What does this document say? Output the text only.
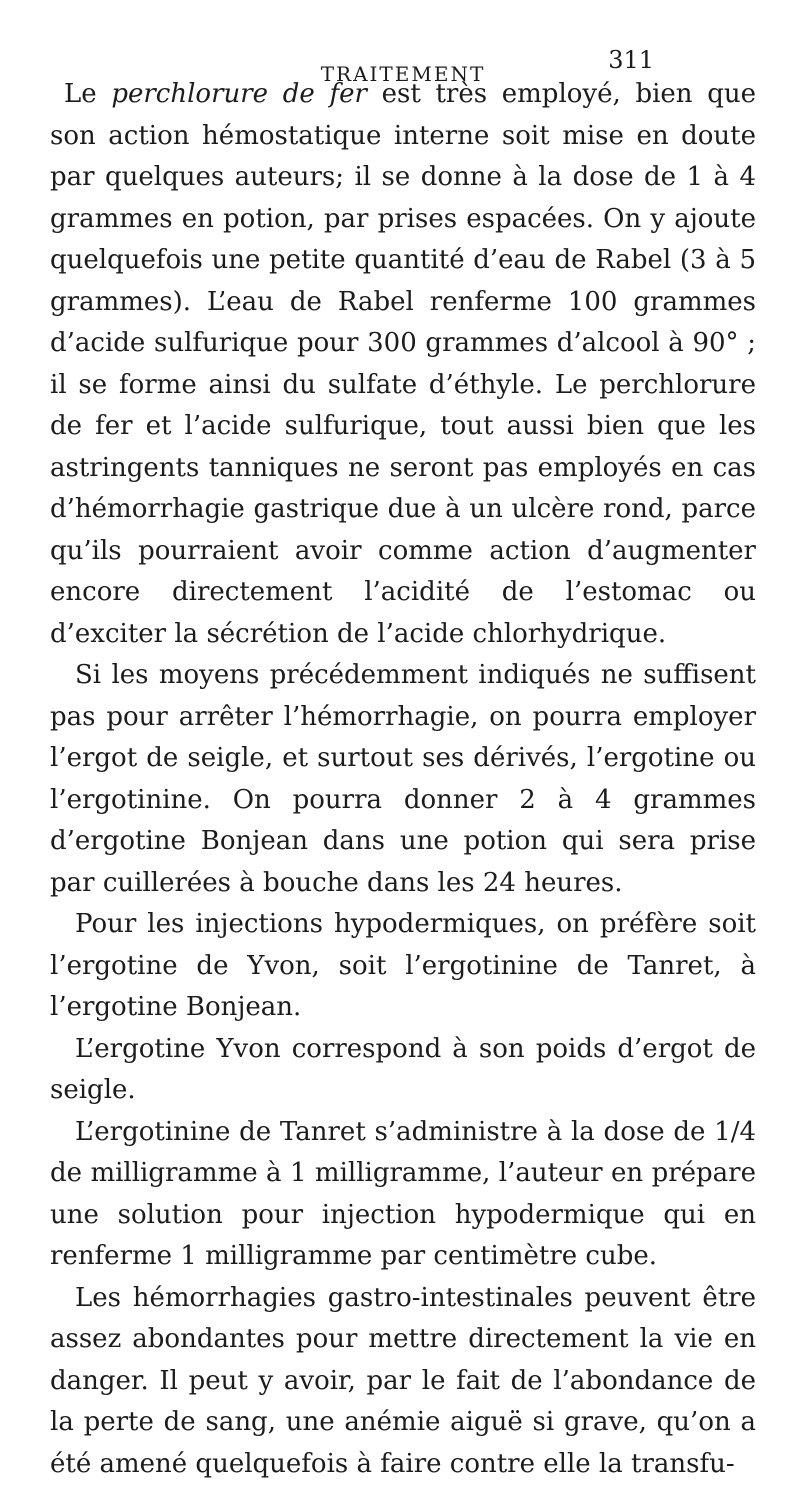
TRAITEMENT	311

Le perchlorure de fer est très employé, bien que son action hémostatique interne soit mise en doute par quelques auteurs; il se donne à la dose de 1 à 4 grammes en potion, par prises espacées. On y ajoute quelquefois une petite quantité d’eau de Rabel (3 à 5 grammes). L’eau de Rabel renferme 100 grammes d’acide sulfurique pour 300 grammes d’alcool à 90° ; il se forme ainsi du sulfate d’éthyle. Le perchlorure de fer et l’acide sulfurique, tout aussi bien que les astringents tanniques ne seront pas employés en cas d’hémorrhagie gastrique due à un ulcère rond, parce qu’ils pourraient avoir comme action d’augmenter encore directement l’acidité de l’estomac ou d’exciter la sécrétion de l’acide chlorhydrique.

Si les moyens précédemment indiqués ne suffisent pas pour arrêter l’hémorrhagie, on pourra employer l’ergot de seigle, et surtout ses dérivés, l’ergotine ou l’ergotinine. On pourra donner 2 à 4 grammes d’ergotine Bonjean dans une potion qui sera prise par cuillerées à bouche dans les 24 heures.

Pour les injections hypodermiques, on préfère soit l’ergotine de Yvon, soit l’ergotinine de Tanret, à l’ergotine Bonjean.

L’ergotine Yvon correspond à son poids d’ergot de seigle.

L’ergotinine de Tanret s’administre à la dose de 1/4 de milligramme à 1 milligramme, l’auteur en prépare une solution pour injection hypodermique qui en renferme 1 milligramme par centimètre cube.

Les hémorrhagies gastro-intestinales peuvent être assez abondantes pour mettre directement la vie en danger. Il peut y avoir, par le fait de l’abondance de la perte de sang, une anémie aiguë si grave, qu’on a été amené quelquefois à faire contre elle la transfu-
